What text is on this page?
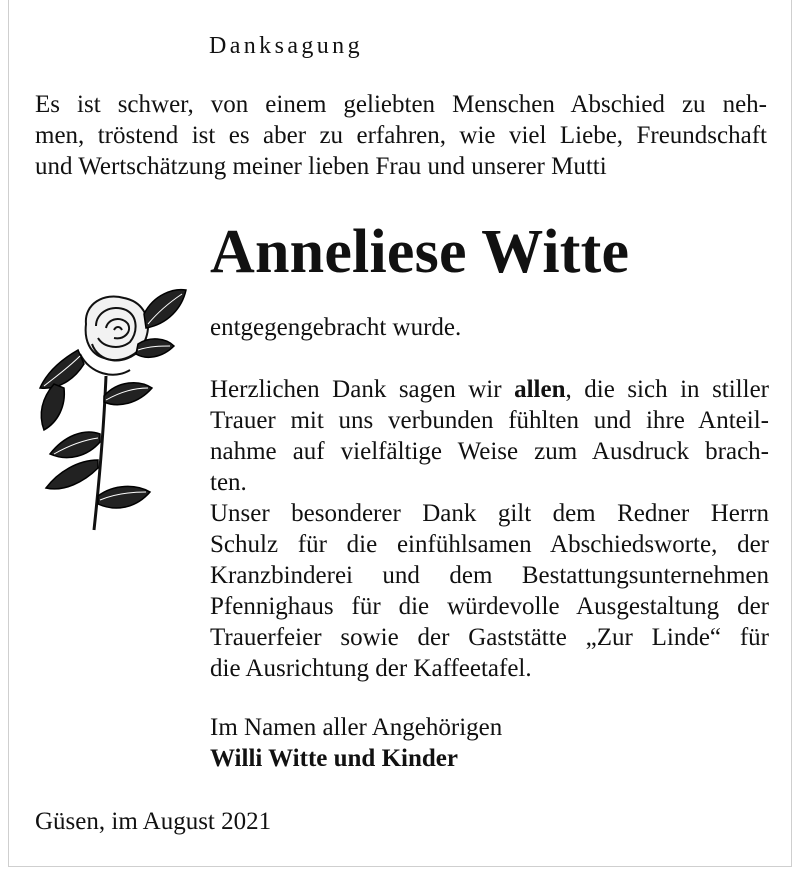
Danksagung
Es ist schwer, von einem geliebten Menschen Abschied zu neh-
men, tröstend ist es aber zu erfahren, wie viel Liebe, Freundschaft
und Wertschätzung meiner lieben Frau und unserer Mutti
Anneliese Witte
entgegengebracht wurde.
Herzlichen Dank sagen wir allen, die sich in stiller
Trauer mit uns verbunden fühlten und ihre Anteil-
nahme auf vielfältige Weise zum Ausdruck brach-
ten.
Unser besonderer Dank gilt dem Redner Herrn
Schulz für die einfühlsamen Abschiedsworte, der
Kranzbinderei und dem Bestattungsunternehmen
Pfennighaus für die würdevolle Ausgestaltung der
Trauerfeier sowie der Gaststätte „Zur Linde“ für
die Ausrichtung der Kaffeetafel.
Im Namen aller Angehörigen
Willi Witte und Kinder
Güsen, im August 2021
